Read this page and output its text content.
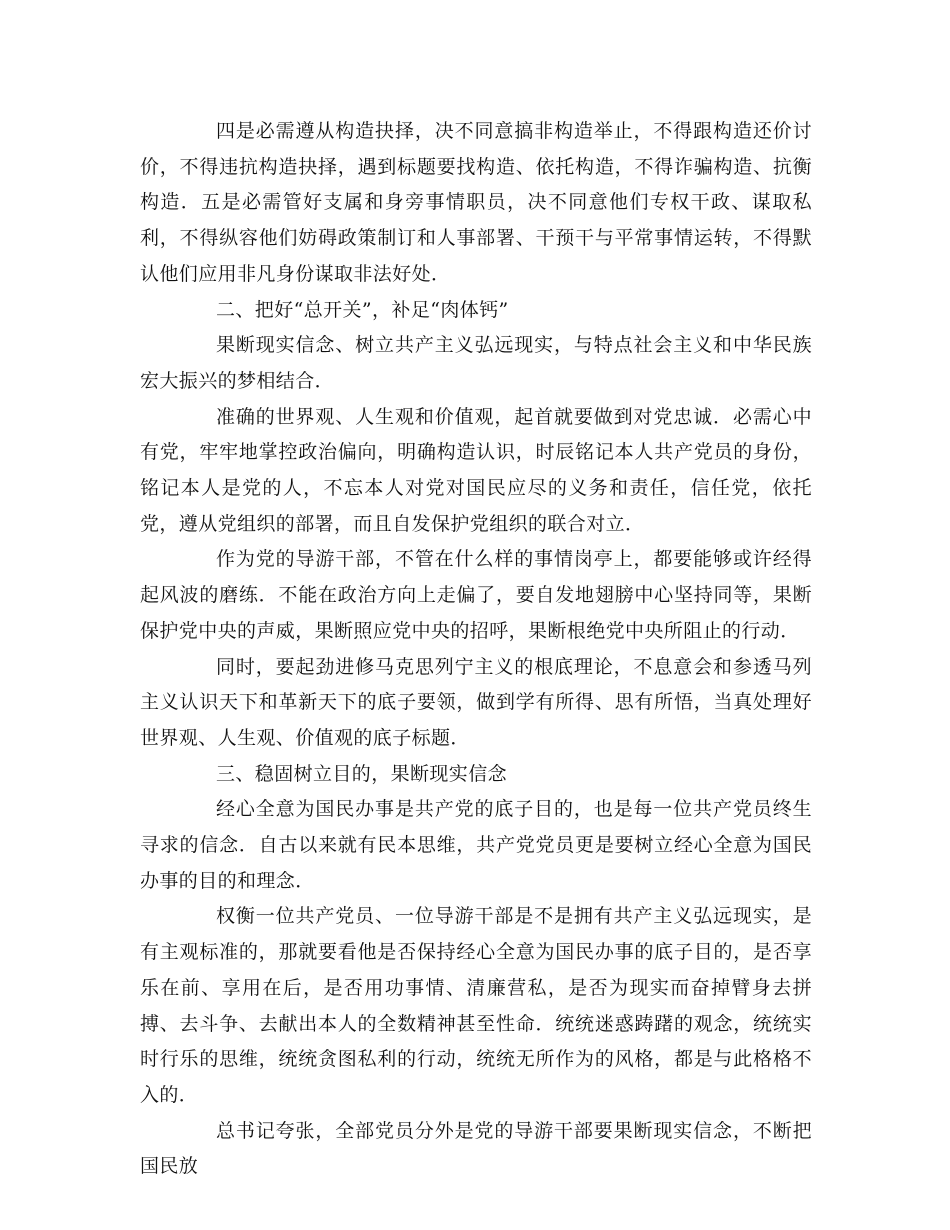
四是必需遵从构造抉择，决不同意搞非构造举止，不得跟构造还价讨价，不得违抗构造抉择，遇到标题要找构造、依托构造，不得诈骗构造、抗衡构造．五是必需管好支属和身旁事情职员，决不同意他们专权干政、谋取私利，不得纵容他们妨碍政策制订和人事部署、干预干与平常事情运转，不得默认他们应用非凡身份谋取非法好处．

二、把好“总开关”，补足“肉体钙”

果断现实信念、树立共产主义弘远现实，与特点社会主义和中华民族宏大振兴的梦相结合．

准确的世界观、人生观和价值观，起首就要做到对党忠诚．必需心中有党，牢牢地掌控政治偏向，明确构造认识，时辰铭记本人共产党员的身份，铭记本人是党的人，不忘本人对党对国民应尽的义务和责任，信任党，依托党，遵从党组织的部署，而且自发保护党组织的联合对立．

作为党的导游干部，不管在什么样的事情岗亭上，都要能够或许经得起风波的磨练．不能在政治方向上走偏了，要自发地翅膀中心坚持同等，果断保护党中央的声威，果断照应党中央的招呼，果断根绝党中央所阻止的行动．

同时，要起劲进修马克思列宁主义的根底理论，不息意会和参透马列主义认识天下和革新天下的底子要领，做到学有所得、思有所悟，当真处理好世界观、人生观、价值观的底子标题．

三、稳固树立目的，果断现实信念

经心全意为国民办事是共产党的底子目的，也是每一位共产党员终生寻求的信念．自古以来就有民本思维，共产党党员更是要树立经心全意为国民办事的目的和理念．

权衡一位共产党员、一位导游干部是不是拥有共产主义弘远现实，是有主观标准的，那就要看他是否保持经心全意为国民办事的底子目的，是否享乐在前、享用在后，是否用功事情、清廉营私，是否为现实而奋掉臂身去拼搏、去斗争、去献出本人的全数精神甚至性命．统统迷惑踌躇的观念，统统实时行乐的思维，统统贪图私利的行动，统统无所作为的风格，都是与此格格不入的．

总书记夸张，全部党员分外是党的导游干部要果断现实信念，不断把国民放
